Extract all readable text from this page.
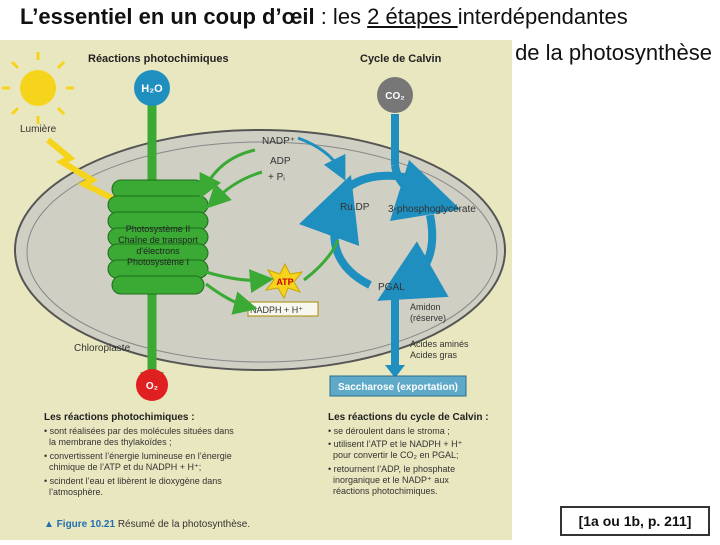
Réactions photochimiques	Cycle de Calvin
Lumière
H₂O
CO₂
Photosystème II
Chaîne de transport
d'électrons
Photosystème I
NADP⁺
ADP
+ Pᵢ
Ru.DP 3-phosphoglycérate
PGAL
ATP
NADPH + H⁺	Amidon
(réserve)
Acides aminés
Acides gras
Chloroplaste
O₂	Saccharose (exportation)
Les réactions photochimiques :
• sont réalisées par des molécules situées dans
la membrane des thylakoïdes ;
• convertissent l’énergie lumineuse en l’énergie
chimique de l’ATP et du NADPH + H⁺;
• scindent l’eau et libèrent le dioxygène dans
l’atmosphère.
Les réactions du cycle de Calvin :
• se déroulent dans le stroma ;
• utilisent l’ATP et le NADPH + H⁺
pour convertir le CO₂ en PGAL;
• retournent l’ADP, le phosphate
inorganique et le NADP⁺ aux
réactions photochimiques.
▲ Figure 10.21 Résumé de la photosynthèse.
L’essentiel en un coup d’œil : les 2 étapes interdépendantes
de la photosynthèse
[1a ou 1b, p. 211]
